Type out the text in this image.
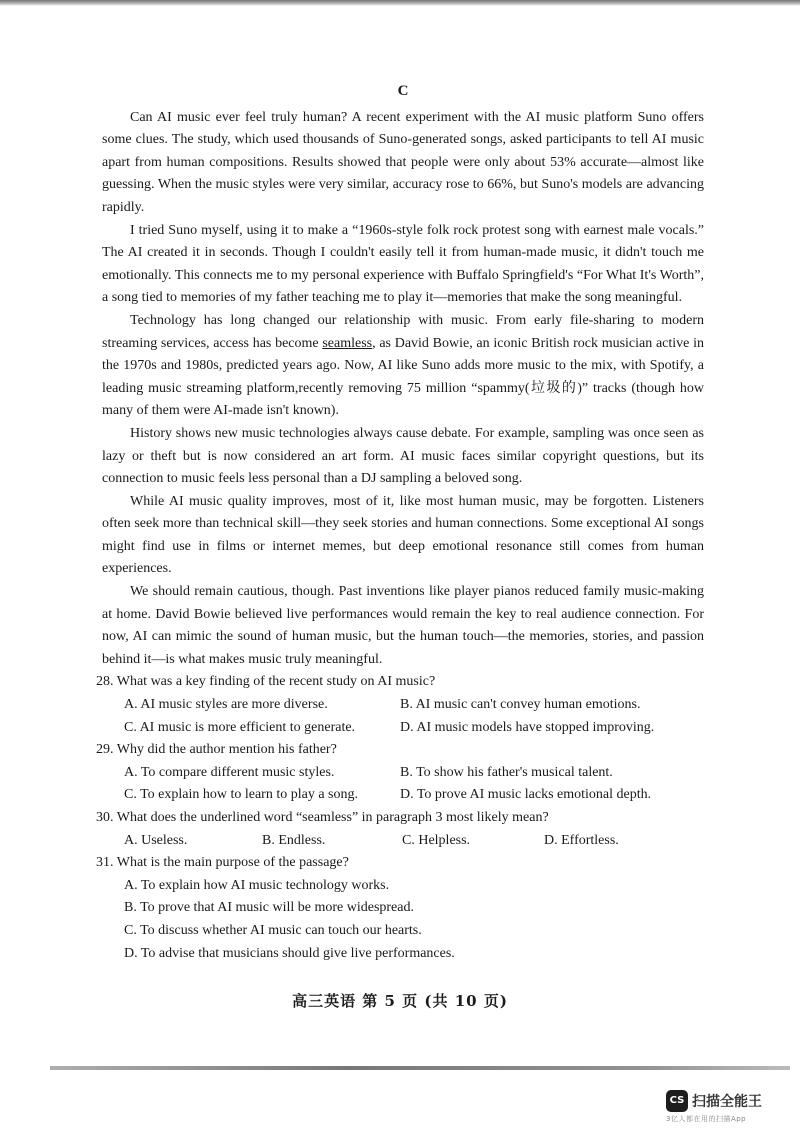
C

Can AI music ever feel truly human? A recent experiment with the AI music platform Suno offers some clues. The study, which used thousands of Suno-generated songs, asked participants to tell AI music apart from human compositions. Results showed that people were only about 53% accurate—almost like guessing. When the music styles were very similar, accuracy rose to 66%, but Suno's models are advancing rapidly.

I tried Suno myself, using it to make a “1960s-style folk rock protest song with earnest male vocals.” The AI created it in seconds. Though I couldn't easily tell it from human-made music, it didn't touch me emotionally. This connects me to my personal experience with Buffalo Springfield's “For What It's Worth”, a song tied to memories of my father teaching me to play it—memories that make the song meaningful.

Technology has long changed our relationship with music. From early file-sharing to modern streaming services, access has become seamless, as David Bowie, an iconic British rock musician active in the 1970s and 1980s, predicted years ago. Now, AI like Suno adds more music to the mix, with Spotify, a leading music streaming platform,recently removing 75 million “spammy(垃圾的)” tracks (though how many of them were AI-made isn't known).

History shows new music technologies always cause debate. For example, sampling was once seen as lazy or theft but is now considered an art form. AI music faces similar copyright questions, but its connection to music feels less personal than a DJ sampling a beloved song.

While AI music quality improves, most of it, like most human music, may be forgotten. Listeners often seek more than technical skill—they seek stories and human connections. Some exceptional AI songs might find use in films or internet memes, but deep emotional resonance still comes from human experiences.

We should remain cautious, though. Past inventions like player pianos reduced family music-making at home. David Bowie believed live performances would remain the key to real audience connection. For now, AI can mimic the sound of human music, but the human touch—the memories, stories, and passion behind it—is what makes music truly meaningful.

28. What was a key finding of the recent study on AI music?

A. AI music styles are more diverse.	B. AI music can't convey human emotions.

C. AI music is more efficient to generate.	D. AI music models have stopped improving.

29. Why did the author mention his father?

A. To compare different music styles.	B. To show his father's musical talent.

C. To explain how to learn to play a song.	D. To prove AI music lacks emotional depth.

30. What does the underlined word “seamless” in paragraph 3 most likely mean?

A. Useless.	B. Endless.	C. Helpless.	D. Effortless.

31. What is the main purpose of the passage?

A. To explain how AI music technology works.

B. To prove that AI music will be more widespread.

C. To discuss whether AI music can touch our hearts.

D. To advise that musicians should give live performances.

高三英语 第 5 页 (共 10 页)
CS 扫描全能王
3亿人都在用的扫描App
